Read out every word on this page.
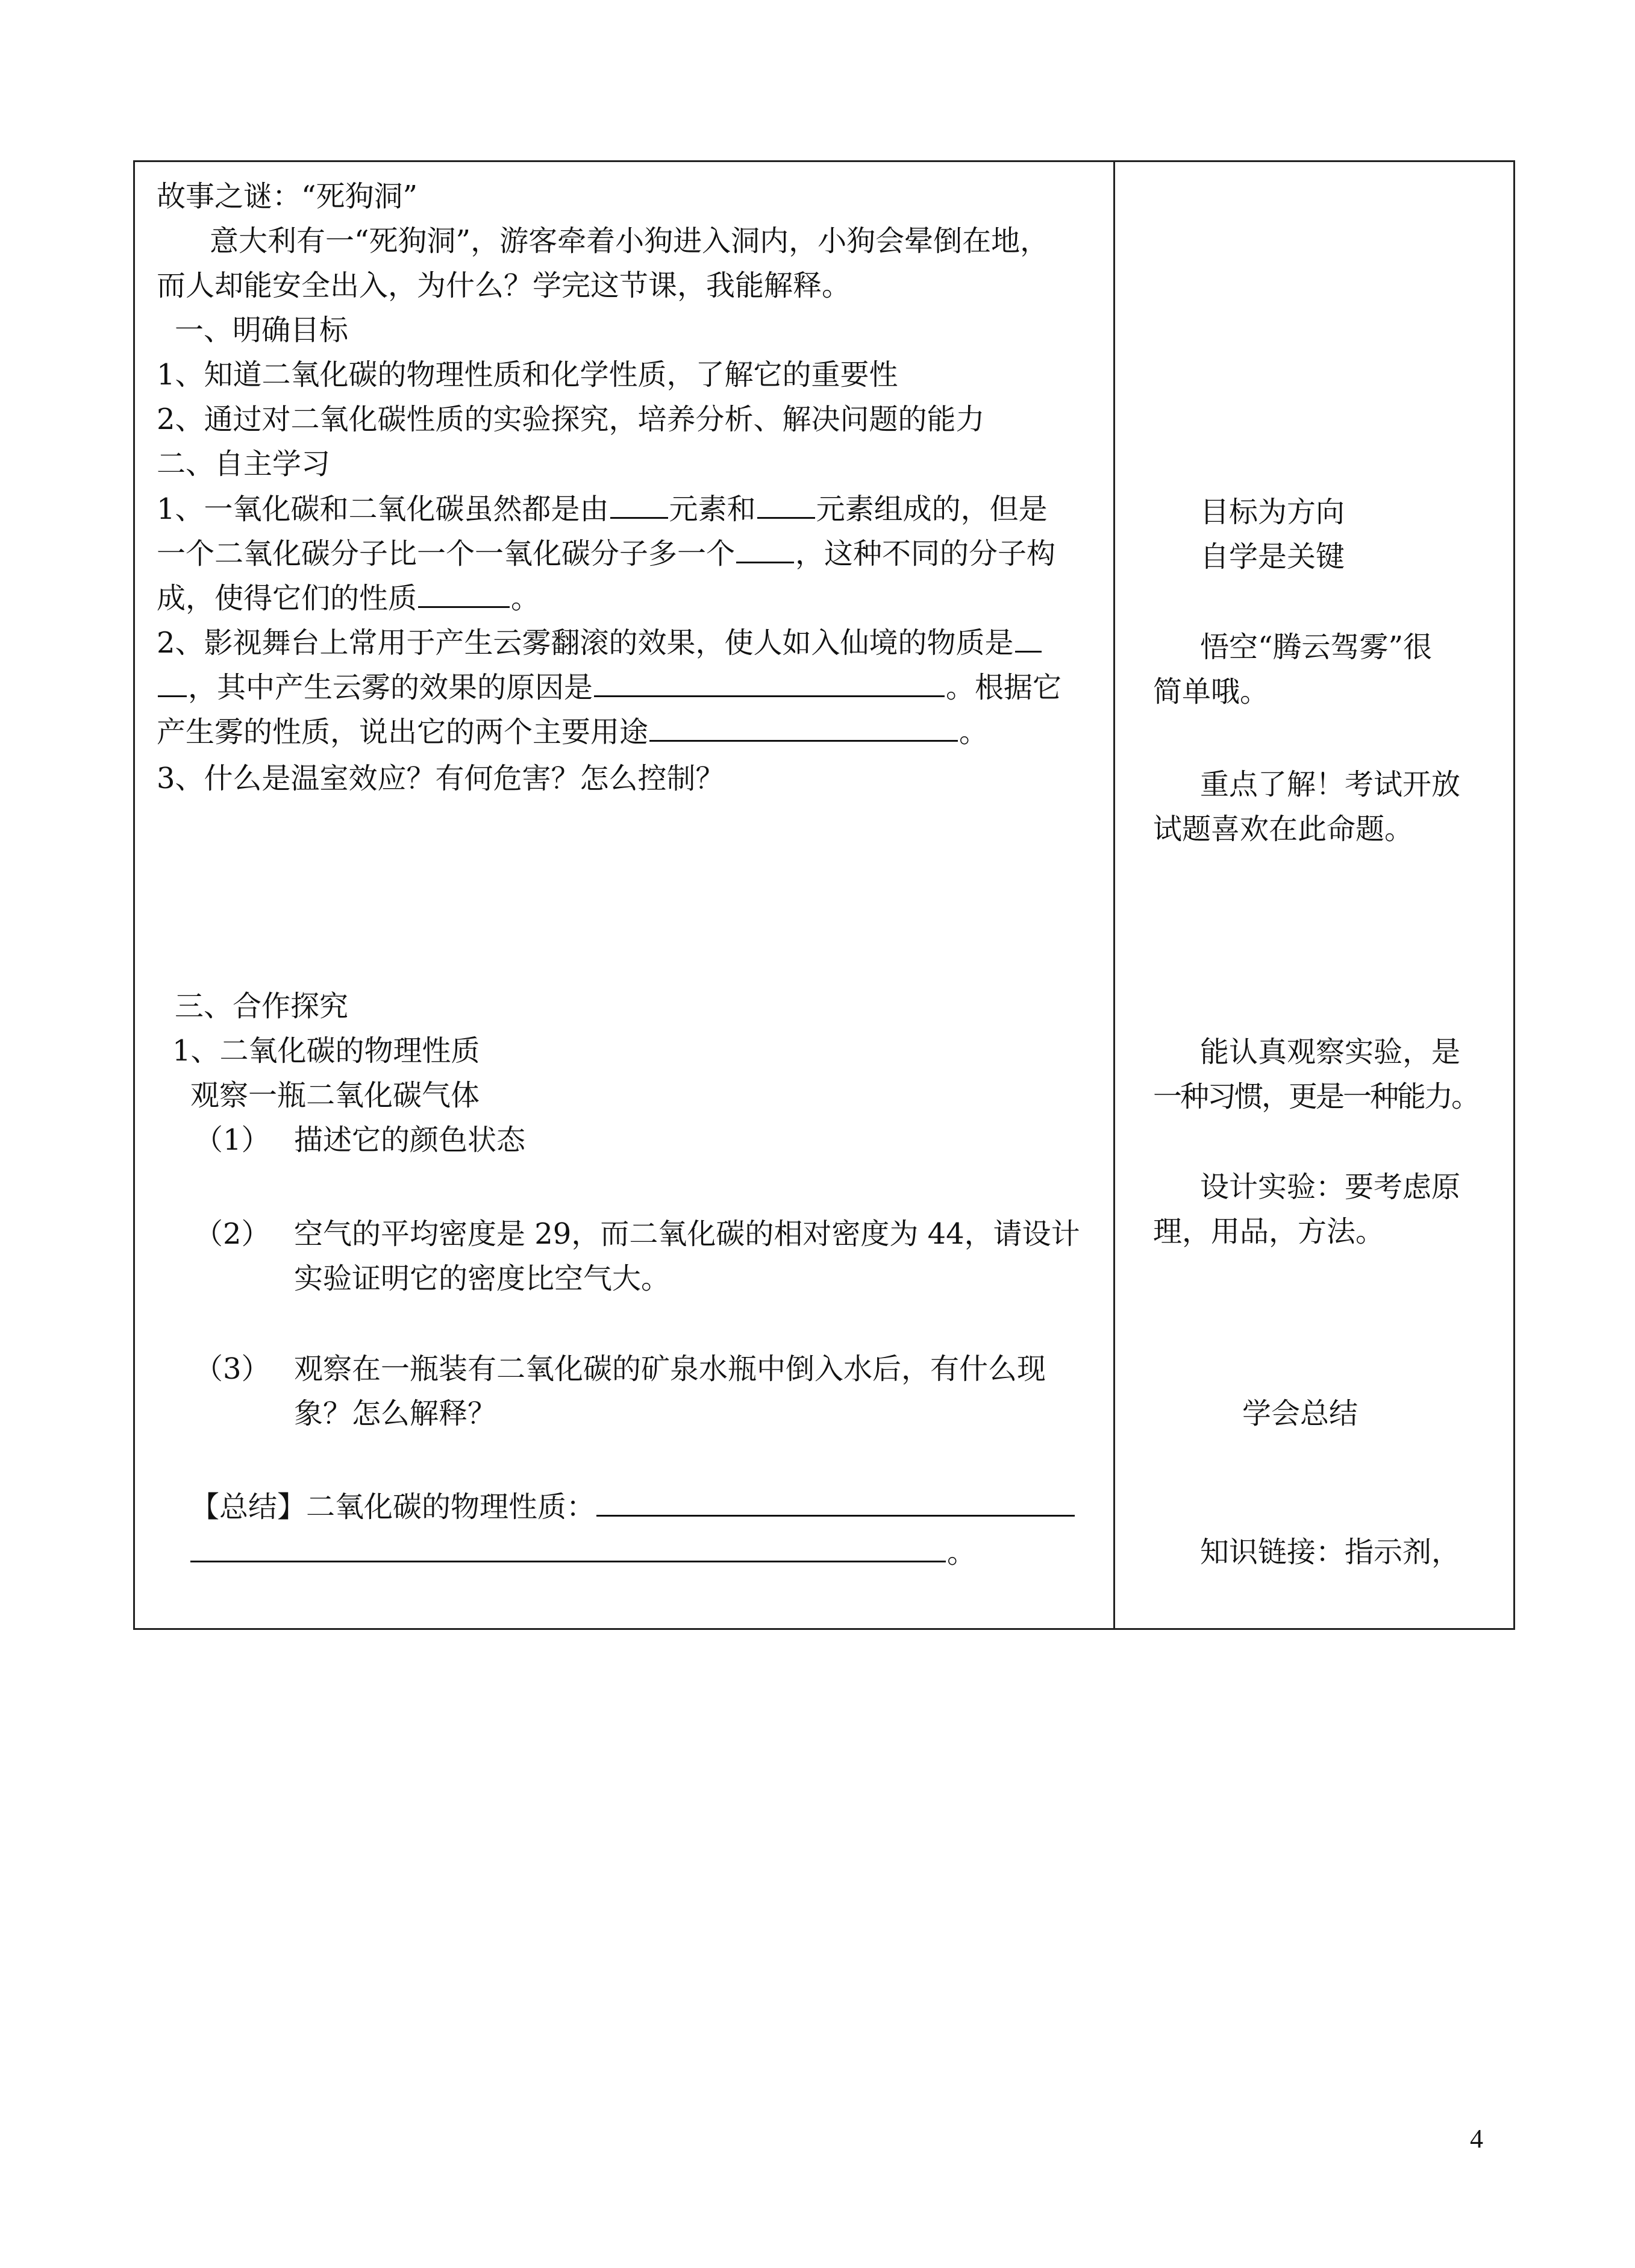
故事之谜：“死狗洞”
意大利有一“死狗洞”，游客牵着小狗进入洞内，小狗会晕倒在地，
而人却能安全出入，为什么？学完这节课，我能解释。
一、明确目标
1、知道二氧化碳的物理性质和化学性质，了解它的重要性
2、通过对二氧化碳性质的实验探究，培养分析、解决问题的能力
二、自主学习
1、一氧化碳和二氧化碳虽然都是由 元素和 元素组成的，但是
一个二氧化碳分子比一个一氧化碳分子多一个 ，这种不同的分子构
成，使得它们的性质	。
2、影视舞台上常用于产生云雾翻滚的效果，使人如入仙境的物质是
，其中产生云雾的效果的原因是	。根据它
产生雾的性质，说出它的两个主要用途	。
3、什么是温室效应？有何危害？怎么控制？
三、合作探究
1、二氧化碳的物理性质
观察一瓶二氧化碳气体
（1） 描述它的颜色状态
（2） 空气的平均密度是 29，而二氧化碳的相对密度为 44，请设计
实验证明它的密度比空气大。
（3） 观察在一瓶装有二氧化碳的矿泉水瓶中倒入水后，有什么现
象？怎么解释？
【总结】二氧化碳的物理性质：
。
目标为方向
自学是关键
悟空“腾云驾雾”很
简单哦。
重点了解！考试开放
试题喜欢在此命题。
能认真观察实验，是
一种习惯，更是一种能力。
设计实验：要考虑原
理，用品，方法。
学会总结
知识链接：指示剂，
4
